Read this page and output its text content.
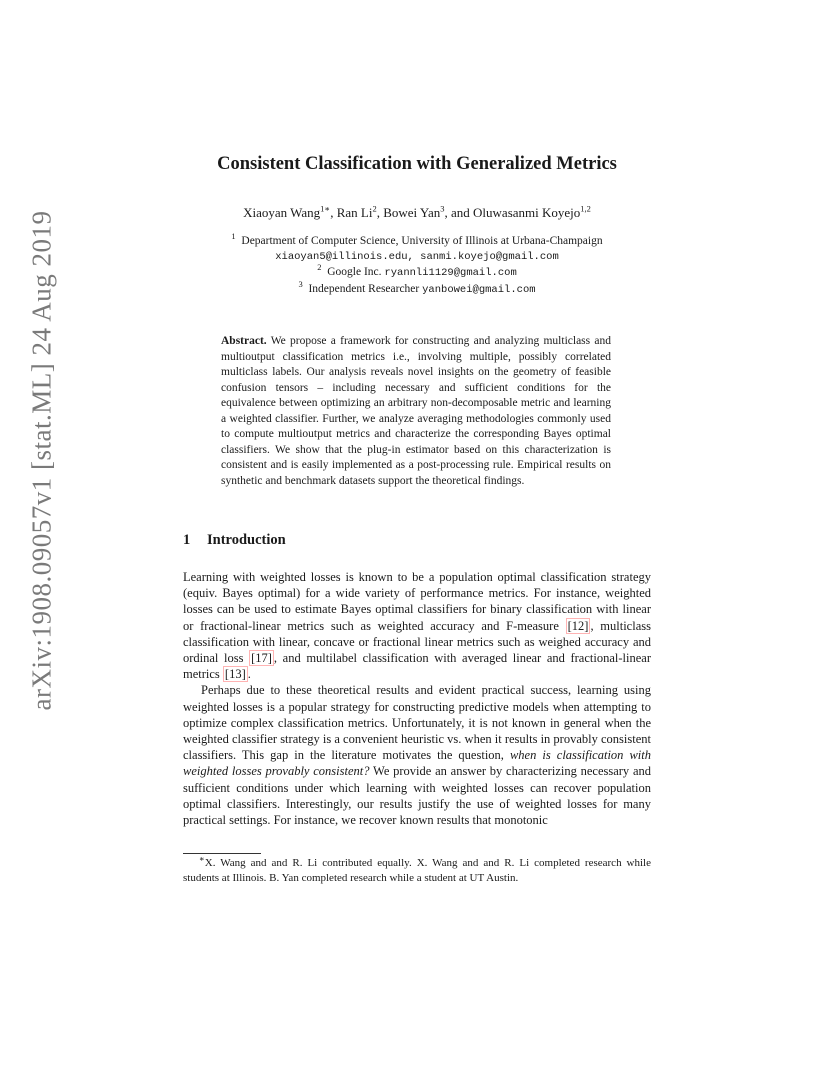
arXiv:1908.09057v1 [stat.ML] 24 Aug 2019
Consistent Classification with Generalized Metrics
Xiaoyan Wang$^{1∗}$, Ran Li$^2$, Bowei Yan$^3$, and Oluwasanmi Koyejo$^{1,2}$
$^1$ Department of Computer Science, University of Illinois at Urbana-Champaign
xiaoyan5@illinois.edu, sanmi.koyejo@gmail.com
$^2$ Google Inc. ryannli1129@gmail.com
$^3$ Independent Researcher yanbowei@gmail.com
Abstract. We propose a framework for constructing and analyzing multiclass and multioutput classification metrics i.e., involving multiple, possibly correlated multiclass labels. Our analysis reveals novel insights on the geometry of feasible confusion tensors – including necessary and sufficient conditions for the equivalence between optimizing an arbitrary non-decomposable metric and learning a weighted classifier. Further, we analyze averaging methodologies commonly used to compute multioutput metrics and characterize the corresponding Bayes optimal classifiers. We show that the plug-in estimator based on this characterization is consistent and is easily implemented as a post-processing rule. Empirical results on synthetic and benchmark datasets support the theoretical findings.
1 Introduction

Learning with weighted losses is known to be a population optimal classification strategy (equiv. Bayes optimal) for a wide variety of performance metrics. For instance, weighted losses can be used to estimate Bayes optimal classifiers for binary classification with linear or fractional-linear metrics such as weighted accuracy and F-measure [12] , multiclass classification with linear, concave or fractional linear metrics such as weighed accuracy and ordinal loss [17] , and multilabel classification with averaged linear and fractional-linear metrics [13] .

Perhaps due to these theoretical results and evident practical success, learning using weighted losses is a popular strategy for constructing predictive models when attempting to optimize complex classification metrics. Unfortunately, it is not known in general when the weighted classifier strategy is a convenient heuristic vs. when it results in provably consistent classifiers. This gap in the literature motivates the question, when is classification with weighted losses provably consistent? We provide an answer by characterizing necessary and sufficient conditions under which learning with weighted losses can recover population optimal classifiers. Interestingly, our results justify the use of weighted losses for many practical settings. For instance, we recover known results that monotonic

∗X. Wang and and R. Li contributed equally. X. Wang and and R. Li completed research while students at Illinois. B. Yan completed research while a student at UT Austin.
